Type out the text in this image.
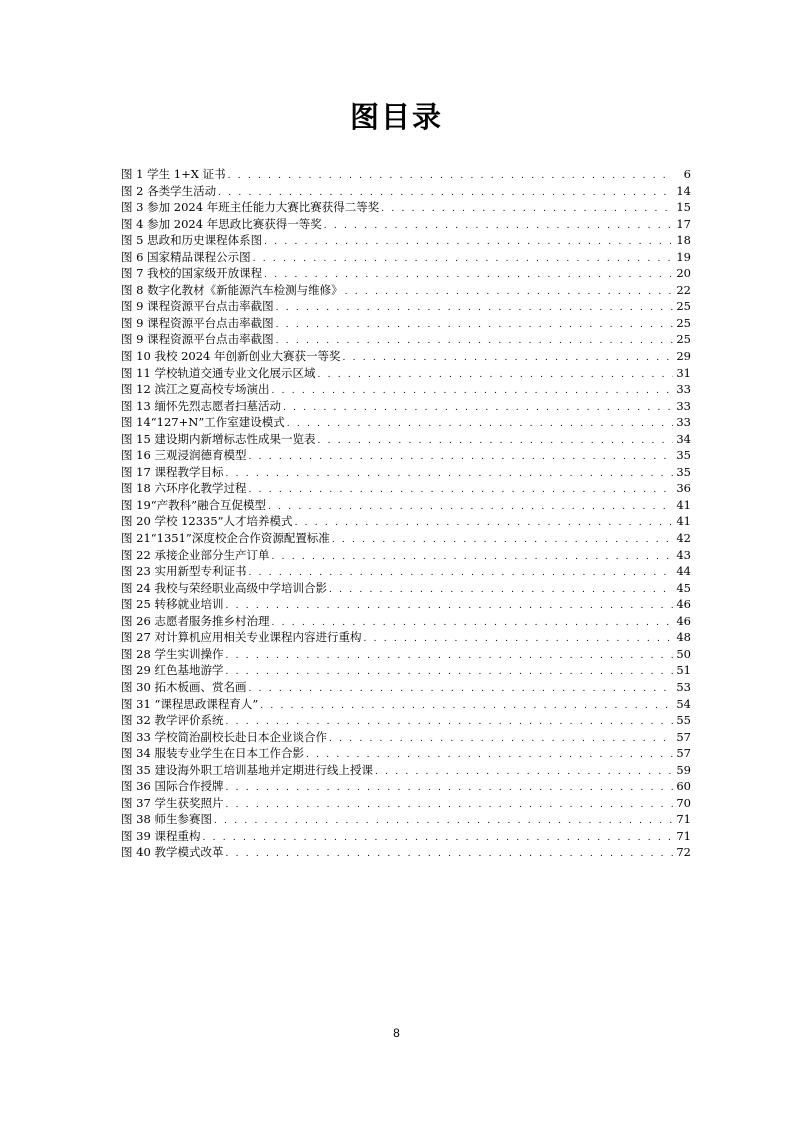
图目录
图 1 学生 1+X 证书 . . .	6
图 2 各类学生活动 . . .	14
图 3 参加 2024 年班主任能力大赛比赛获得二等奖 . . .	15
图 4 参加 2024 年思政比赛获得一等奖 . . .	17
图 5 思政和历史课程体系图 . . .	18
图 6 国家精品课程公示图 . . .	19
图 7 我校的国家级开放课程 . . .	20
图 8 数字化教材《新能源汽车检测与维修》 . . .	22
图 9 课程资源平台点击率截图 . . .	25
图 9 课程资源平台点击率截图 . . .	25
图 9 课程资源平台点击率截图 . . .	25
图 10 我校 2024 年创新创业大赛获一等奖 . . .	29
图 11 学校轨道交通专业文化展示区域 . . .	31
图 12 滨江之夏高校专场演出 . . .	33
图 13 缅怀先烈志愿者扫墓活动 . . .	33
图 14“127+N”工作室建设模式 . . .	33
图 15 建设期内新增标志性成果一览表 . . .	34
图 16 三观浸润德育模型 . . .	35
图 17 课程教学目标 . . .	35
图 18 六环序化教学过程 . . .	36
图 19“产教科”融合互促模型 . . .	41
图 20 学校 12335”人才培养模式 . . .	41
图 21“1351”深度校企合作资源配置标准 . . .	42
图 22 承接企业部分生产订单 . . .	43
图 23 实用新型专利证书 . . .	44
图 24 我校与荣经职业高级中学培训合影 . . .	45
图 25 转移就业培训 . . .	46
图 26 志愿者服务推乡村治理 . . .	46
图 27 对计算机应用相关专业课程内容进行重构 . . .	48
图 28 学生实训操作 . . .	50
图 29 红色基地游学 . . .	51
图 30 拓木板画、赏名画 . . .	53
图 31 “课程思政课程育人” . . .	54
图 32 教学评价系统 . . .	55
图 33 学校简治副校长赴日本企业谈合作 . . .	57
图 34 服装专业学生在日本工作合影 . . .	57
图 35 建设海外职工培训基地并定期进行线上授课 . . .	59
图 36 国际合作授牌 . . .	60
图 37 学生获奖照片 . . .	70
图 38 师生参赛图 . . .	71
图 39 课程重构 . . .	71
图 40 教学模式改革 . . .	72
8
